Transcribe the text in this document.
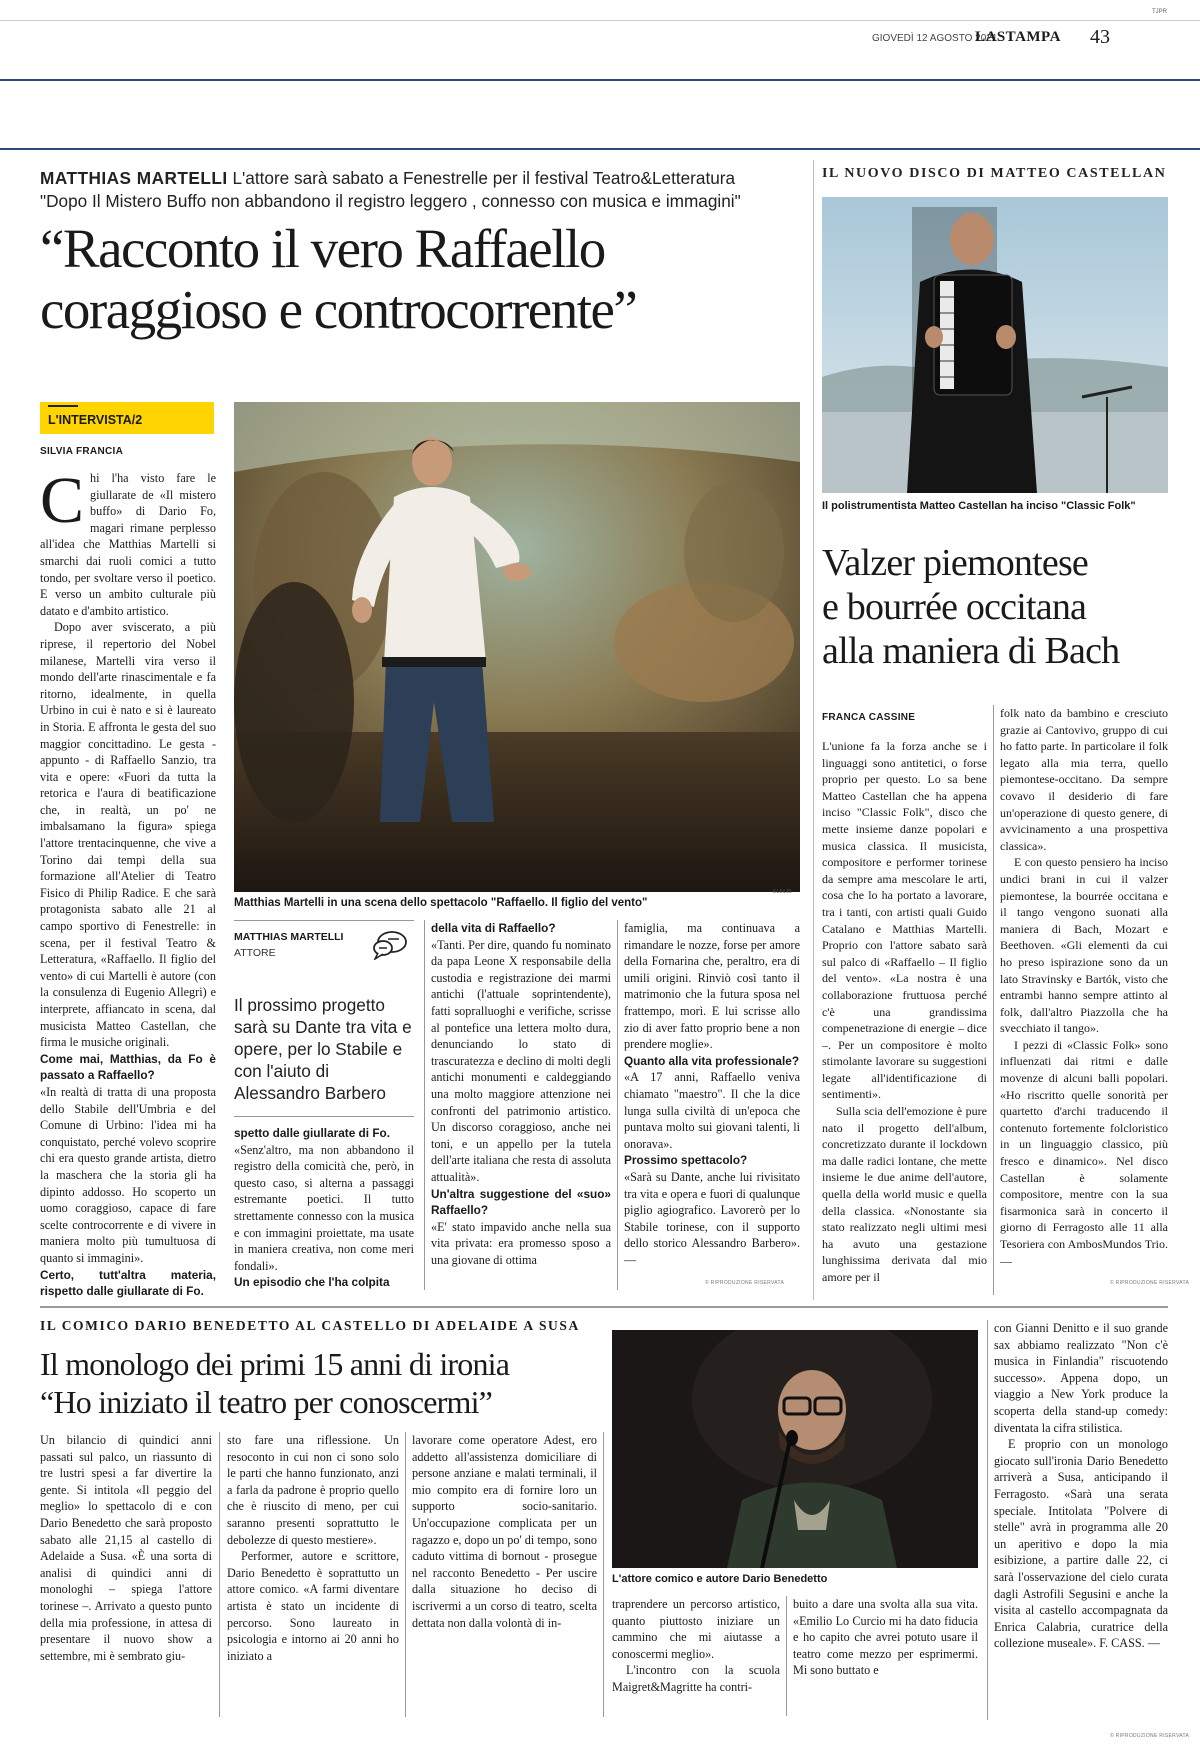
TJPR
GIOVEDÌ 12 AGOSTO 2021
LASTAMPA 43
MATTHIAS MARTELLI L'attore sarà sabato a Fenestrelle per il festival Teatro&Letteratura
"Dopo Il Mistero Buffo non abbandono il registro leggero , connesso con musica e immagini"
“Racconto il vero Raffaello
coraggioso e controcorrente”
L'INTERVISTA/2
SILVIA FRANCIA
C hi l'ha visto fare le giullarate de «Il mistero buffo» di Dario Fo, magari rimane perplesso all'idea che Matthias Martelli si smarchi dai ruoli comici a tutto tondo, per svoltare verso il poetico. E verso un ambito culturale più datato e d'ambito artistico.

Dopo aver sviscerato, a più riprese, il repertorio del Nobel milanese, Martelli vira verso il mondo dell'arte rinascimentale e fa ritorno, idealmente, in quella Urbino in cui è nato e si è laureato in Storia. E affronta le gesta del suo maggior concittadino. Le gesta - appunto - di Raffaello Sanzio, tra vita e opere: «Fuori da tutta la retorica e l'aura di beatificazione che, in realtà, un po' ne imbalsamano la figura» spiega l'attore trentacinquenne, che vive a Torino dai tempi della sua formazione all'Atelier di Teatro Fisico di Philip Radice. E che sarà protagonista sabato alle 21 al campo sportivo di Fenestrelle: in scena, per il festival Teatro & Letteratura, «Raffaello. Il figlio del vento» di cui Martelli è autore (con la consulenza di Eugenio Allegri) e interprete, affiancato in scena, dal musicista Matteo Castellan, che firma le musiche originali.

Come mai, Matthias, da Fo è passato a Raffaello?

«In realtà di tratta di una proposta dello Stabile dell'Umbria e del Comune di Urbino: l'idea mi ha conquistato, perché volevo scoprire chi era questo grande artista, dietro la maschera che la storia gli ha dipinto addosso. Ho scoperto un uomo coraggioso, capace di fare scelte controcorrente e di vivere in maniera molto più tumultuosa di quanto si immagini».

Certo, tutt'altra materia, rispetto dalle giullarate di Fo.

Matthias Martelli in una scena dello spettacolo "Raffaello. Il figlio del vento"
ELELIS
MATTHIAS MARTELLI
ATTORE
Il prossimo progetto sarà su Dante tra vita e opere, per lo Stabile e con l'aiuto di Alessandro Barbero

spetto dalle giullarate di Fo.

«Senz'altro, ma non abbandono il registro della comicità che, però, in questo caso, si alterna a passaggi estremante poetici. Il tutto strettamente connesso con la musica e con immagini proiettate, ma usate in maniera creativa, non come meri fondali».

Un episodio che l'ha colpita

della vita di Raffaello?

«Tanti. Per dire, quando fu nominato da papa Leone X responsabile della custodia e registrazione dei marmi antichi (l'attuale soprintendente), fatti sopralluoghi e verifiche, scrisse al pontefice una lettera molto dura, denunciando lo stato di trascuratezza e declino di molti degli antichi monumenti e caldeggiando una molto maggiore attenzione nei confronti del patrimonio artistico. Un discorso coraggioso, anche nei toni, e un appello per la tutela dell'arte italiana che resta di assoluta attualità».

Un'altra suggestione del «suo» Raffaello?

«E' stato impavido anche nella sua vita privata: era promesso sposo a una giovane di ottima

famiglia, ma continuava a rimandare le nozze, forse per amore della Fornarina che, peraltro, era di umili origini. Rinviò così tanto il matrimonio che la futura sposa nel frattempo, morì. E lui scrisse allo zio di aver fatto proprio bene a non prendere moglie».

Quanto alla vita professionale?

«A 17 anni, Raffaello veniva chiamato "maestro". Il che la dice lunga sulla civiltà di un'epoca che puntava molto sui giovani talenti, li onorava».

Prossimo spettacolo?

«Sarà su Dante, anche lui rivisitato tra vita e opera e fuori di qualunque piglio agiografico. Lavorerò per lo Stabile torinese, con il supporto dello storico Alessandro Barbero». —

© RIPRODUZIONE RISERVATA
IL NUOVO DISCO DI MATTEO CASTELLAN
Il polistrumentista Matteo Castellan ha inciso "Classic Folk"
Valzer piemontese
e bourrée occitana
alla maniera di Bach
FRANCA CASSINE

L'unione fa la forza anche se i linguaggi sono antitetici, o forse proprio per questo. Lo sa bene Matteo Castellan che ha appena inciso "Classic Folk", disco che mette insieme danze popolari e musica classica. Il musicista, compositore e performer torinese da sempre ama mescolare le arti, cosa che lo ha portato a lavorare, tra i tanti, con artisti quali Guido Catalano e Matthias Martelli. Proprio con l'attore sabato sarà sul palco di «Raffaello – Il figlio del vento». «La nostra è una collaborazione fruttuosa perché c'è una grandissima compenetrazione di energie – dice –. Per un compositore è molto stimolante lavorare su suggestioni legate all'identificazione di sentimenti».

Sulla scia dell'emozione è pure nato il progetto dell'album, concretizzato durante il lockdown ma dalle radici lontane, che mette insieme le due anime dell'autore, quella della world music e quella della classica. «Nonostante sia stato realizzato negli ultimi mesi ha avuto una gestazione lunghissima derivata dal mio amore per il

folk nato da bambino e cresciuto grazie ai Cantovivo, gruppo di cui ho fatto parte. In particolare il folk legato alla mia terra, quello piemontese-occitano. Da sempre covavo il desiderio di fare un'operazione di questo genere, di avvicinamento a una prospettiva classica».

E con questo pensiero ha inciso undici brani in cui il valzer piemontese, la bourrée occitana e il tango vengono suonati alla maniera di Bach, Mozart e Beethoven. «Gli elementi da cui ho preso ispirazione sono da un lato Stravinsky e Bartók, visto che entrambi hanno sempre attinto al folk, dall'altro Piazzolla che ha svecchiato il tango».

I pezzi di «Classic Folk» sono influenzati dai ritmi e dalle movenze di alcuni balli popolari. «Ho riscritto quelle sonorità per quartetto d'archi traducendo il contenuto fortemente folcloristico in un linguaggio classico, più fresco e dinamico». Nel disco Castellan è solamente compositore, mentre con la sua fisarmonica sarà in concerto il giorno di Ferragosto alle 11 alla Tesoriera con AmbosMundos Trio. —

© RIPRODUZIONE RISERVATA
IL COMICO DARIO BENEDETTO AL CASTELLO DI ADELAIDE A SUSA
Il monologo dei primi 15 anni di ironia
“Ho iniziato il teatro per conoscermi”
L'attore comico e autore Dario Benedetto

Un bilancio di quindici anni passati sul palco, un riassunto di tre lustri spesi a far divertire la gente. Si intitola «Il peggio del meglio» lo spettacolo di e con Dario Benedetto che sarà proposto sabato alle 21,15 al castello di Adelaide a Susa. «È una sorta di analisi di quindici anni di monologhi – spiega l'attore torinese –. Arrivato a questo punto della mia professione, in attesa di presentare il nuovo show a settembre, mi è sembrato giu-

sto fare una riflessione. Un resoconto in cui non ci sono solo le parti che hanno funzionato, anzi a farla da padrone è proprio quello che è riuscito di meno, per cui saranno presenti soprattutto le debolezze di questo mestiere».

Performer, autore e scrittore, Dario Benedetto è soprattutto un attore comico. «A farmi diventare artista è stato un incidente di percorso. Sono laureato in psicologia e intorno ai 20 anni ho iniziato a

lavorare come operatore Adest, ero addetto all'assistenza domiciliare di persone anziane e malati terminali, il mio compito era di fornire loro un supporto socio-sanitario. Un'occupazione complicata per un ragazzo e, dopo un po' di tempo, sono caduto vittima di bornout - prosegue nel racconto Benedetto - Per uscire dalla situazione ho deciso di iscrivermi a un corso di teatro, scelta dettata non dalla volontà di in-

traprendere un percorso artistico, quanto piuttosto iniziare un cammino che mi aiutasse a conoscermi meglio».

L'incontro con la scuola Maigret&Magritte ha contri-

buito a dare una svolta alla sua vita. «Emilio Lo Curcio mi ha dato fiducia e ho capito che avrei potuto usare il teatro come mezzo per esprimermi. Mi sono buttato e

con Gianni Denitto e il suo grande sax abbiamo realizzato "Non c'è musica in Finlandia" riscuotendo successo». Appena dopo, un viaggio a New York produce la scoperta della stand-up comedy: diventata la cifra stilistica.

E proprio con un monologo giocato sull'ironia Dario Benedetto arriverà a Susa, anticipando il Ferragosto. «Sarà una serata speciale. Intitolata "Polvere di stelle" avrà in programma alle 20 un aperitivo e dopo la mia esibizione, a partire dalle 22, ci sarà l'osservazione del cielo curata dagli Astrofili Segusini e anche la visita al castello accompagnata da Enrica Calabria, curatrice della collezione museale». F. CASS. —

© RIPRODUZIONE RISERVATA
